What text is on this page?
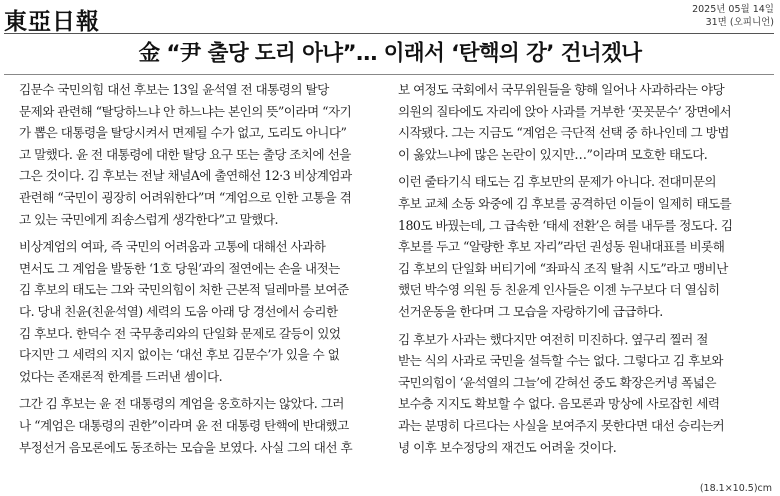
東亞日報	2025년 05월 14일
31면 (오피니언)
金 “尹 출당 도리 아냐”… 이래서 ‘탄핵의 강’ 건너겠나
김문수 국민의힘 대선 후보는 13일 윤석열 전 대통령의 탈당
문제와 관련해 “탈당하느냐 안 하느냐는 본인의 뜻”이라며 “자기
가 뽑은 대통령을 탈당시켜서 면제될 수가 없고, 도리도 아니다”
고 말했다. 윤 전 대통령에 대한 탈당 요구 또는 출당 조치에 선을
그은 것이다. 김 후보는 전날 채널A에 출연해선 12·3 비상계엄과
관련해 “국민이 굉장히 어려워한다”며 “계엄으로 인한 고통을 겪
고 있는 국민에게 죄송스럽게 생각한다”고 말했다.
비상계엄의 여파, 즉 국민의 어려움과 고통에 대해선 사과하
면서도 그 계엄을 발동한 ‘1호 당원’과의 절연에는 손을 내젓는
김 후보의 태도는 그와 국민의힘이 처한 근본적 딜레마를 보여준
다. 당내 친윤(친윤석열) 세력의 도움 아래 당 경선에서 승리한
김 후보다. 한덕수 전 국무총리와의 단일화 문제로 갈등이 있었
다지만 그 세력의 지지 없이는 ‘대선 후보 김문수’가 있을 수 없
었다는 존재론적 한계를 드러낸 셈이다.
그간 김 후보는 윤 전 대통령의 계엄을 옹호하지는 않았다. 그러
나 “계엄은 대통령의 권한”이라며 윤 전 대통령 탄핵에 반대했고
부정선거 음모론에도 동조하는 모습을 보였다. 사실 그의 대선 후
보 여정도 국회에서 국무위원들을 향해 일어나 사과하라는 야당
의원의 질타에도 자리에 앉아 사과를 거부한 ‘꼿꼿문수’ 장면에서
시작됐다. 그는 지금도 “계엄은 극단적 선택 중 하나인데 그 방법
이 옳았느냐에 많은 논란이 있지만…”이라며 모호한 태도다.
이런 줄타기식 태도는 김 후보만의 문제가 아니다. 전대미문의
후보 교체 소동 와중에 김 후보를 공격하던 이들이 일제히 태도를
180도 바꿨는데, 그 급속한 ‘태세 전환’은 혀를 내두를 정도다. 김
후보를 두고 “알량한 후보 자리”라던 권성동 원내대표를 비롯해
김 후보의 단일화 버티기에 “좌파식 조직 탈취 시도”라고 맹비난
했던 박수영 의원 등 친윤계 인사들은 이젠 누구보다 더 열심히
선거운동을 한다며 그 모습을 자랑하기에 급급하다.
김 후보가 사과는 했다지만 여전히 미진하다. 옆구리 찔러 절
받는 식의 사과로 국민을 설득할 수는 없다. 그렇다고 김 후보와
국민의힘이 ‘윤석열의 그늘’에 갇혀선 중도 확장은커녕 폭넓은
보수층 지지도 확보할 수 없다. 음모론과 망상에 사로잡힌 세력
과는 분명히 다르다는 사실을 보여주지 못한다면 대선 승리는커
녕 이후 보수정당의 재건도 어려울 것이다.
(18.1×10.5)cm
